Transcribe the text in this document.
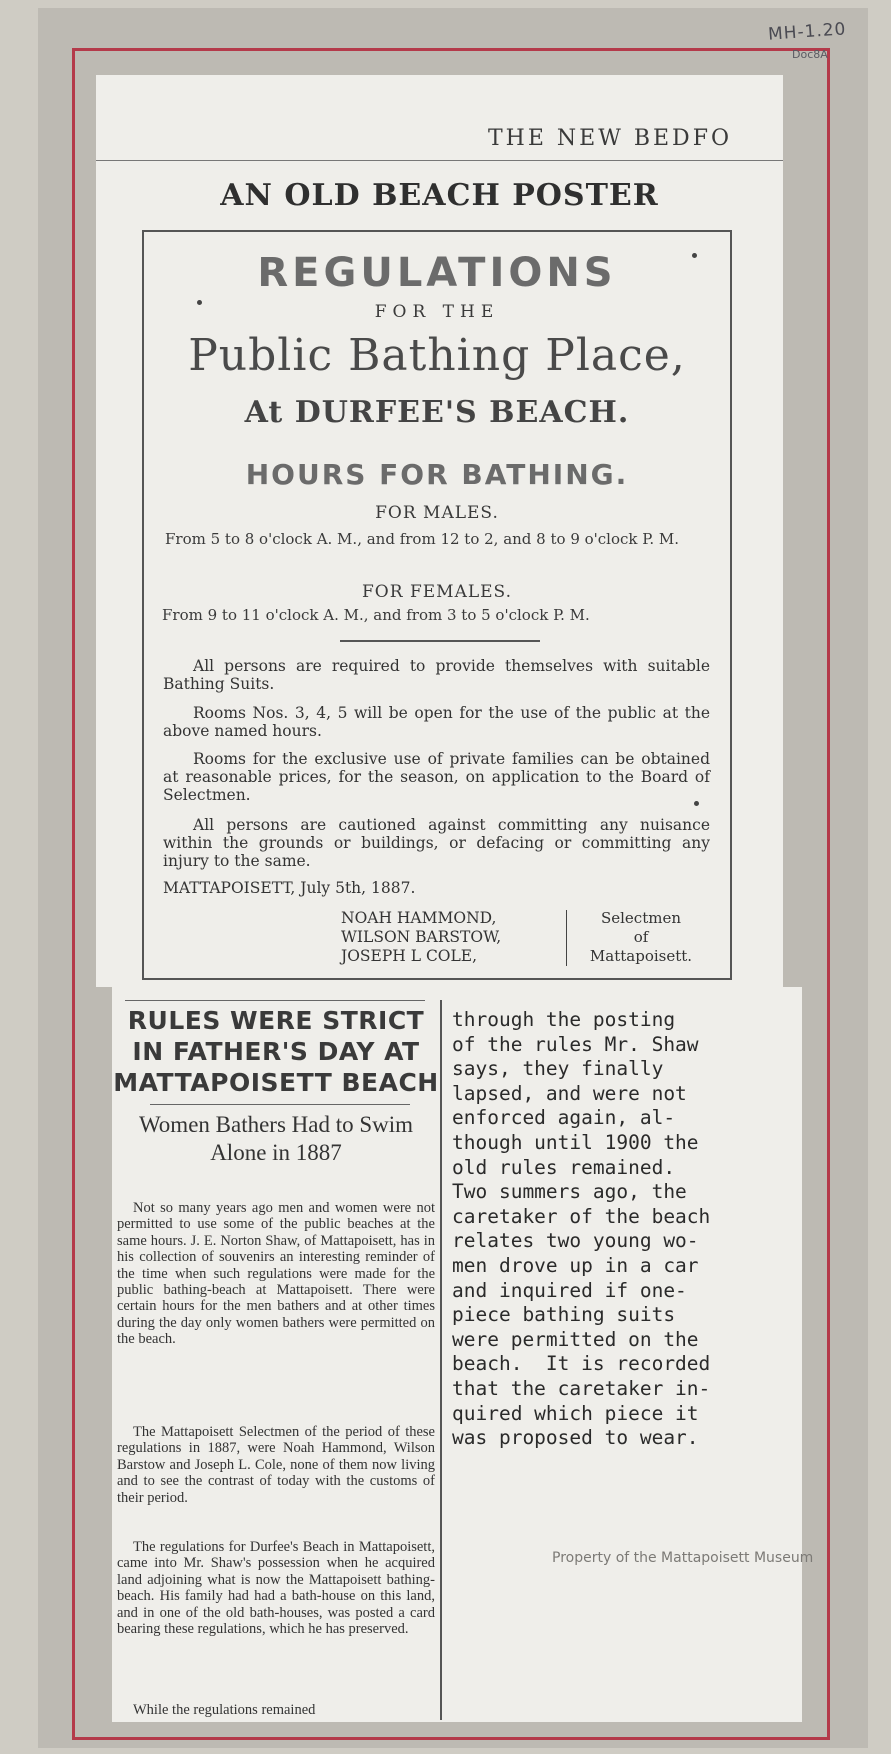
MH-1.20
Doc8A
THE NEW BEDFO
AN OLD BEACH POSTER
REGULATIONS
FOR THE
Public Bathing Place,
At DURFEE'S BEACH.
HOURS FOR BATHING.
FOR MALES.
From 5 to 8 o'clock A. M., and from 12 to 2, and 8 to 9 o'clock P. M.
FOR FEMALES.
From 9 to 11 o'clock A. M., and from 3 to 5 o'clock P. M.
All persons are required to provide themselves with suitable Bathing Suits.
Rooms Nos. 3, 4, 5 will be open for the use of the public at the above named hours.
Rooms for the exclusive use of private families can be obtained at reasonable prices, for the season, on application to the Board of Selectmen.
All persons are cautioned against committing any nuisance within the grounds or buildings, or defacing or committing any injury to the same.
MATTAPOISETT, July 5th, 1887.
NOAH HAMMOND,
WILSON BARSTOW,
JOSEPH L COLE,
Selectmen
of
Mattapoisett.
RULES WERE STRICT IN FATHER'S DAY AT MATTAPOISETT BEACH
Women Bathers Had to Swim Alone in 1887
Not so many years ago men and women were not permitted to use some of the public beaches at the same hours. J. E. Norton Shaw, of Mattapoisett, has in his collection of souvenirs an interesting reminder of the time when such regulations were made for the public bathing-beach at Mattapoisett. There were certain hours for the men bathers and at other times during the day only women bathers were permitted on the beach.
The Mattapoisett Selectmen of the period of these regulations in 1887, were Noah Hammond, Wilson Barstow and Joseph L. Cole, none of them now living and to see the contrast of today with the customs of their period.
The regulations for Durfee's Beach in Mattapoisett, came into Mr. Shaw's possession when he acquired land adjoining what is now the Mattapoisett bathing-beach. His family had had a bath-house on this land, and in one of the old bath-houses, was posted a card bearing these regulations, which he has preserved.
While the regulations remained
through the posting
of the rules Mr. Shaw
says, they finally
lapsed, and were not
enforced again, al-
though until 1900 the
old rules remained.
Two summers ago, the
caretaker of the beach
relates two young wo-
men drove up in a car
and inquired if one-
piece bathing suits
were permitted on the
beach.  It is recorded
that the caretaker in-
quired which piece it
was proposed to wear.
Property of the Mattapoisett Museum
